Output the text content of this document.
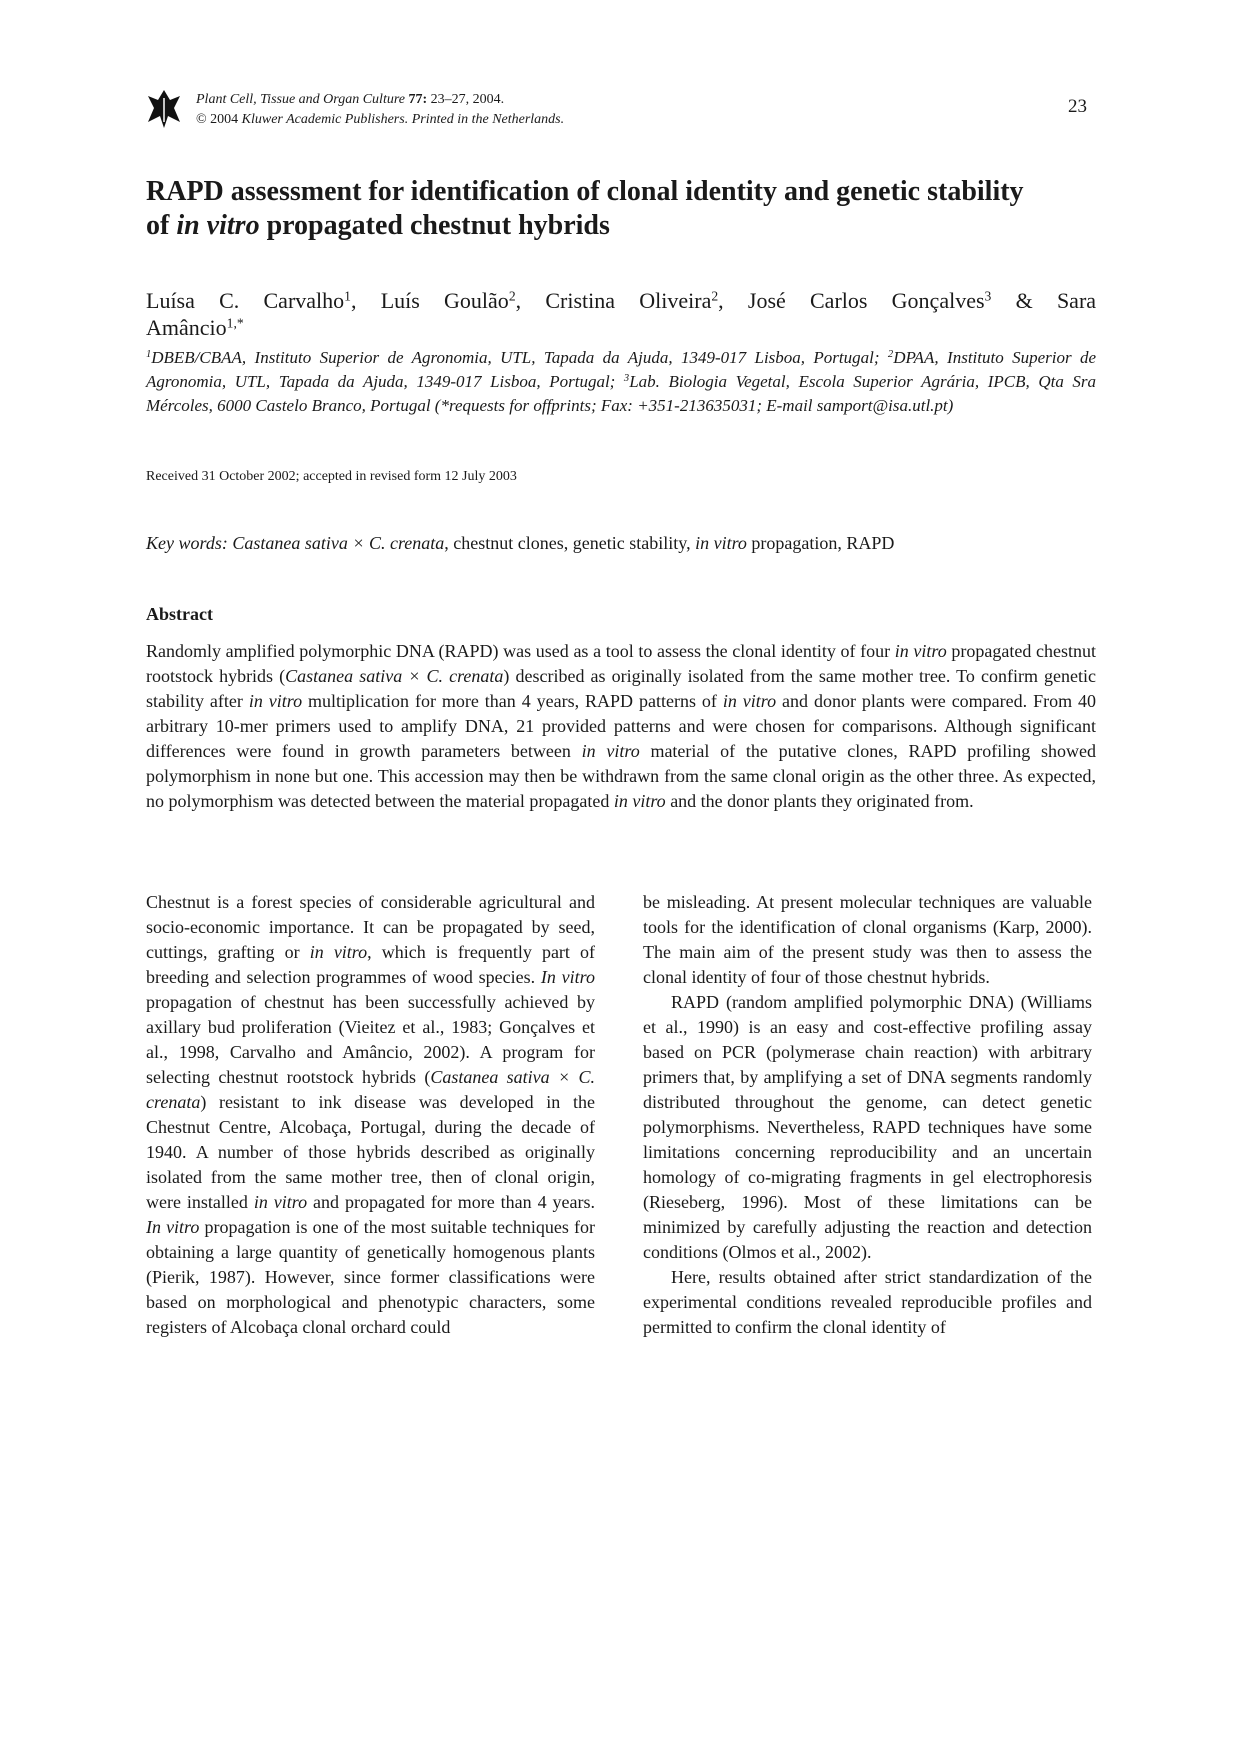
Plant Cell, Tissue and Organ Culture 77: 23–27, 2004.
© 2004 Kluwer Academic Publishers. Printed in the Netherlands.
23
RAPD assessment for identification of clonal identity and genetic stability
of in vitro propagated chestnut hybrids
Luísa C. Carvalho$^1$, Luís Goulão$^2$, Cristina Oliveira$^2$, José Carlos Gonçalves$^3$ & Sara
Amâncio$^{1,*}$
$^1$DBEB/CBAA, Instituto Superior de Agronomia, UTL, Tapada da Ajuda, 1349-017 Lisboa, Portugal; $^2$DPAA, Instituto Superior de Agronomia, UTL, Tapada da Ajuda, 1349-017 Lisboa, Portugal; $^3$Lab. Biologia Vegetal, Escola Superior Agrária, IPCB, Qta Sra Mércoles, 6000 Castelo Branco, Portugal (*requests for offprints; Fax: +351-213635031; E-mail samport@isa.utl.pt)
Received 31 October 2002; accepted in revised form 12 July 2003
Key words: Castanea sativa × C. crenata, chestnut clones, genetic stability, in vitro propagation, RAPD
Abstract

Randomly amplified polymorphic DNA (RAPD) was used as a tool to assess the clonal identity of four in vitro propagated chestnut rootstock hybrids (Castanea sativa × C. crenata) described as originally isolated from the same mother tree. To confirm genetic stability after in vitro multiplication for more than 4 years, RAPD patterns of in vitro and donor plants were compared. From 40 arbitrary 10-mer primers used to amplify DNA, 21 provided patterns and were chosen for comparisons. Although significant differences were found in growth parameters between in vitro material of the putative clones, RAPD profiling showed polymorphism in none but one. This accession may then be withdrawn from the same clonal origin as the other three. As expected, no polymorphism was detected between the material propagated in vitro and the donor plants they originated from.

Chestnut is a forest species of considerable agricultural and socio-economic importance. It can be propagated by seed, cuttings, grafting or in vitro, which is frequently part of breeding and selection programmes of wood species. In vitro propagation of chestnut has been successfully achieved by axillary bud proliferation (Vieitez et al., 1983; Gonçalves et al., 1998, Carvalho and Amâncio, 2002). A program for selecting chestnut rootstock hybrids (Castanea sativa × C. crenata) resistant to ink disease was developed in the Chestnut Centre, Alcobaça, Portugal, during the decade of 1940. A number of those hybrids described as originally isolated from the same mother tree, then of clonal origin, were installed in vitro and propagated for more than 4 years. In vitro propagation is one of the most suitable techniques for obtaining a large quantity of genetically homogenous plants (Pierik, 1987). However, since former classifications were based on morphological and phenotypic characters, some registers of Alcobaça clonal orchard could

be misleading. At present molecular techniques are valuable tools for the identification of clonal organisms (Karp, 2000). The main aim of the present study was then to assess the clonal identity of four of those chestnut hybrids.

RAPD (random amplified polymorphic DNA) (Williams et al., 1990) is an easy and cost-effective profiling assay based on PCR (polymerase chain reaction) with arbitrary primers that, by amplifying a set of DNA segments randomly distributed throughout the genome, can detect genetic polymorphisms. Nevertheless, RAPD techniques have some limitations concerning reproducibility and an uncertain homology of co-migrating fragments in gel electrophoresis (Rieseberg, 1996). Most of these limitations can be minimized by carefully adjusting the reaction and detection conditions (Olmos et al., 2002).

Here, results obtained after strict standardization of the experimental conditions revealed reproducible profiles and permitted to confirm the clonal identity of
